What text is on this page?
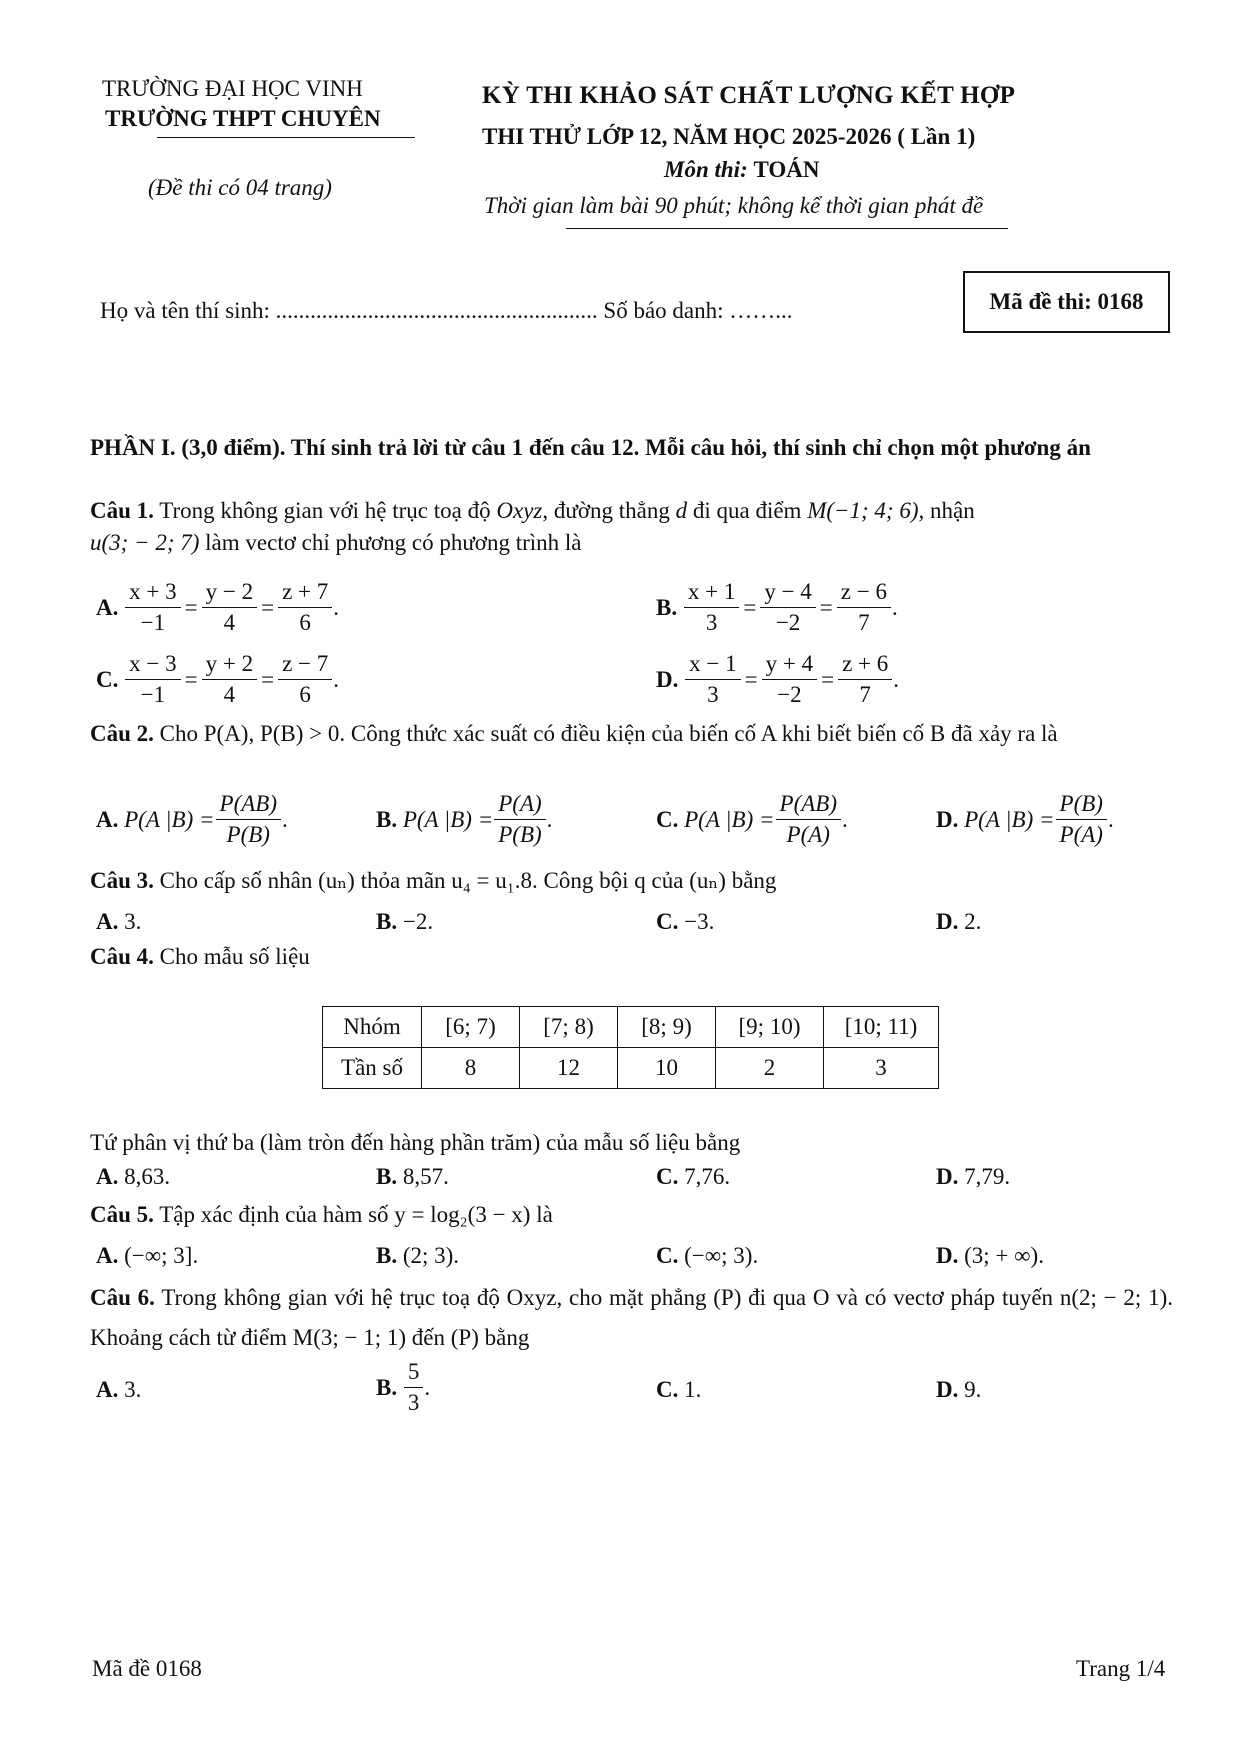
TRƯỜNG ĐẠI HỌC VINH
TRƯỜNG THPT CHUYÊN
(Đề thi có 04 trang)
KỲ THI KHẢO SÁT CHẤT LƯỢNG KẾT HỢP
THI THỬ LỚP 12, NĂM HỌC 2025-2026 ( Lần 1)
Môn thi: TOÁN
Thời gian làm bài 90 phút; không kể thời gian phát đề
Họ và tên thí sinh: ........................................................ Số báo danh: ……...	Mã đề thi: 0168
PHẦN I. (3,0 điểm). Thí sinh trả lời từ câu 1 đến câu 12. Mỗi câu hỏi, thí sinh chỉ chọn một phương án
Câu 1. Trong không gian với hệ trục toạ độ Oxyz, đường thẳng d đi qua điểm M(−1; 4; 6), nhận
u(3; − 2; 7) làm vectơ chỉ phương có phương trình là
A.
$\frac{x + 3}{-1} = \frac{y - 2}{4} = \frac{z + 7}{6}$ .	B.
$\frac{x + 1}{3} = \frac{y - 4}{-2} = \frac{z - 6}{7}$ .
C.
$\frac{x - 3}{-1} = \frac{y + 2}{4} = \frac{z - 7}{6}$ .	D.
$\frac{x - 1}{3} = \frac{y + 4}{-2} = \frac{z + 6}{7}$ .
Câu 2. Cho P(A), P(B) > 0. Công thức xác suất có điều kiện của biến cố A khi biết biến cố B đã xảy ra là
A.
P(A $|B) = \frac{P(AB)}{P(B)}$ .	B.
P(A $|B) = \frac{P(A)}{P(B)}$ .	C.
P(A $|B) = \frac{P(AB)}{P(A)}$ .	D.
P(A $|B) = \frac{P(B)}{P(A)}$ .
Câu 3. Cho cấp số nhân (uₙ) thỏa mãn u₄ = u₁.8. Công bội q của (uₙ) bằng
A. 3.	B. −2.	C. −3.	D. 2.
Câu 4. Cho mẫu số liệu
Nhóm	[6; 7)	[7; 8)	[8; 9)	[9; 10)	[10; 11)
Tần số	8	12	10	2	3
Tứ phân vị thứ ba (làm tròn đến hàng phần trăm) của mẫu số liệu bằng
A. 8,63.	B. 8,57.	C. 7,76.	D. 7,79.
Câu 5. Tập xác định của hàm số y = log₂(3 − x) là
A. (−∞; 3].	B. (2; 3).	C. (−∞; 3).	D. (3; + ∞).
Câu 6. Trong không gian với hệ trục toạ độ Oxyz, cho mặt phẳng (P) đi qua O và có vectơ pháp tuyến n(2; − 2; 1). Khoảng cách từ điểm M(3; − 1; 1) đến (P) bằng
A. 3.	B.
$\frac{5}{3}$ .	C. 1.	D. 9.
Mã đề 0168	Trang 1/4
